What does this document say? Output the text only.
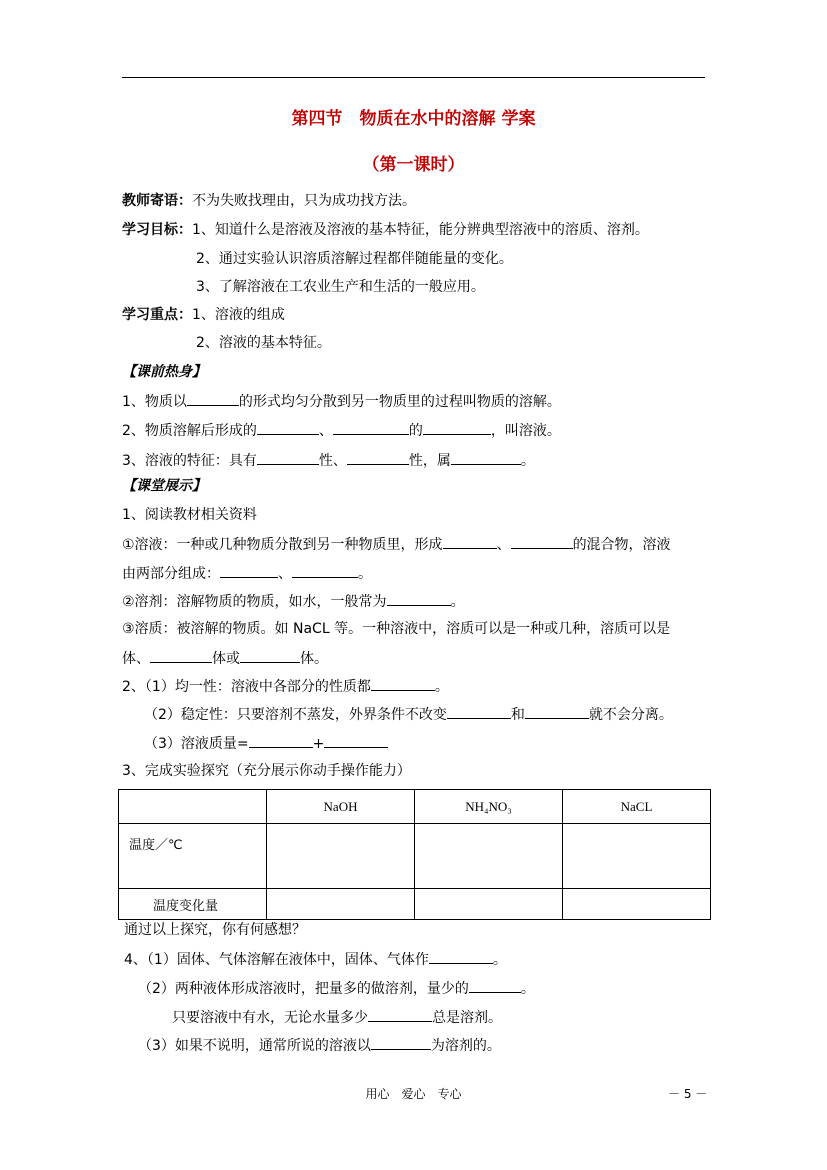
第四节　物质在水中的溶解 学案
（第一课时）
教师寄语：不为失败找理由，只为成功找方法。
学习目标：1、知道什么是溶液及溶液的基本特征，能分辨典型溶液中的溶质、溶剂。
2、通过实验认识溶质溶解过程都伴随能量的变化。
3、了解溶液在工农业生产和生活的一般应用。
学习重点：1、溶液的组成
2、溶液的基本特征。
【课前热身】
1、物质以	的形式均匀分散到另一物质里的过程叫物质的溶解。
2、物质溶解后形成的	、	的	，叫溶液。
3、溶液的特征：具有	性、	性，属	。
【课堂展示】
1、阅读教材相关资料
①溶液：一种或几种物质分散到另一种物质里，形成	、	的混合物，溶液
由两部分组成：	、	。
②溶剂：溶解物质的物质，如水，一般常为	。
③溶质：被溶解的物质。如 NaCL 等。一种溶液中，溶质可以是一种或几种，溶质可以是
体、	体或	体。
2、（1）均一性：溶液中各部分的性质都	。
（2）稳定性：只要溶剂不蒸发，外界条件不改变	和	就不会分离。
（3）溶液质量=	+
3、完成实验探究（充分展示你动手操作能力）
	NaOH	NH₄NO₃	NaCL
温度／℃			
温度变化量			
通过以上探究，你有何感想？
4、（1）固体、气体溶解在液体中，固体、气体作	。
（2）两种液体形成溶液时，把量多的做溶剂，量少的	。
只要溶液中有水，无论水量多少	总是溶剂。
（3）如果不说明，通常所说的溶液以	为溶剂的。
用心　爱心　专心	－ 5 －
